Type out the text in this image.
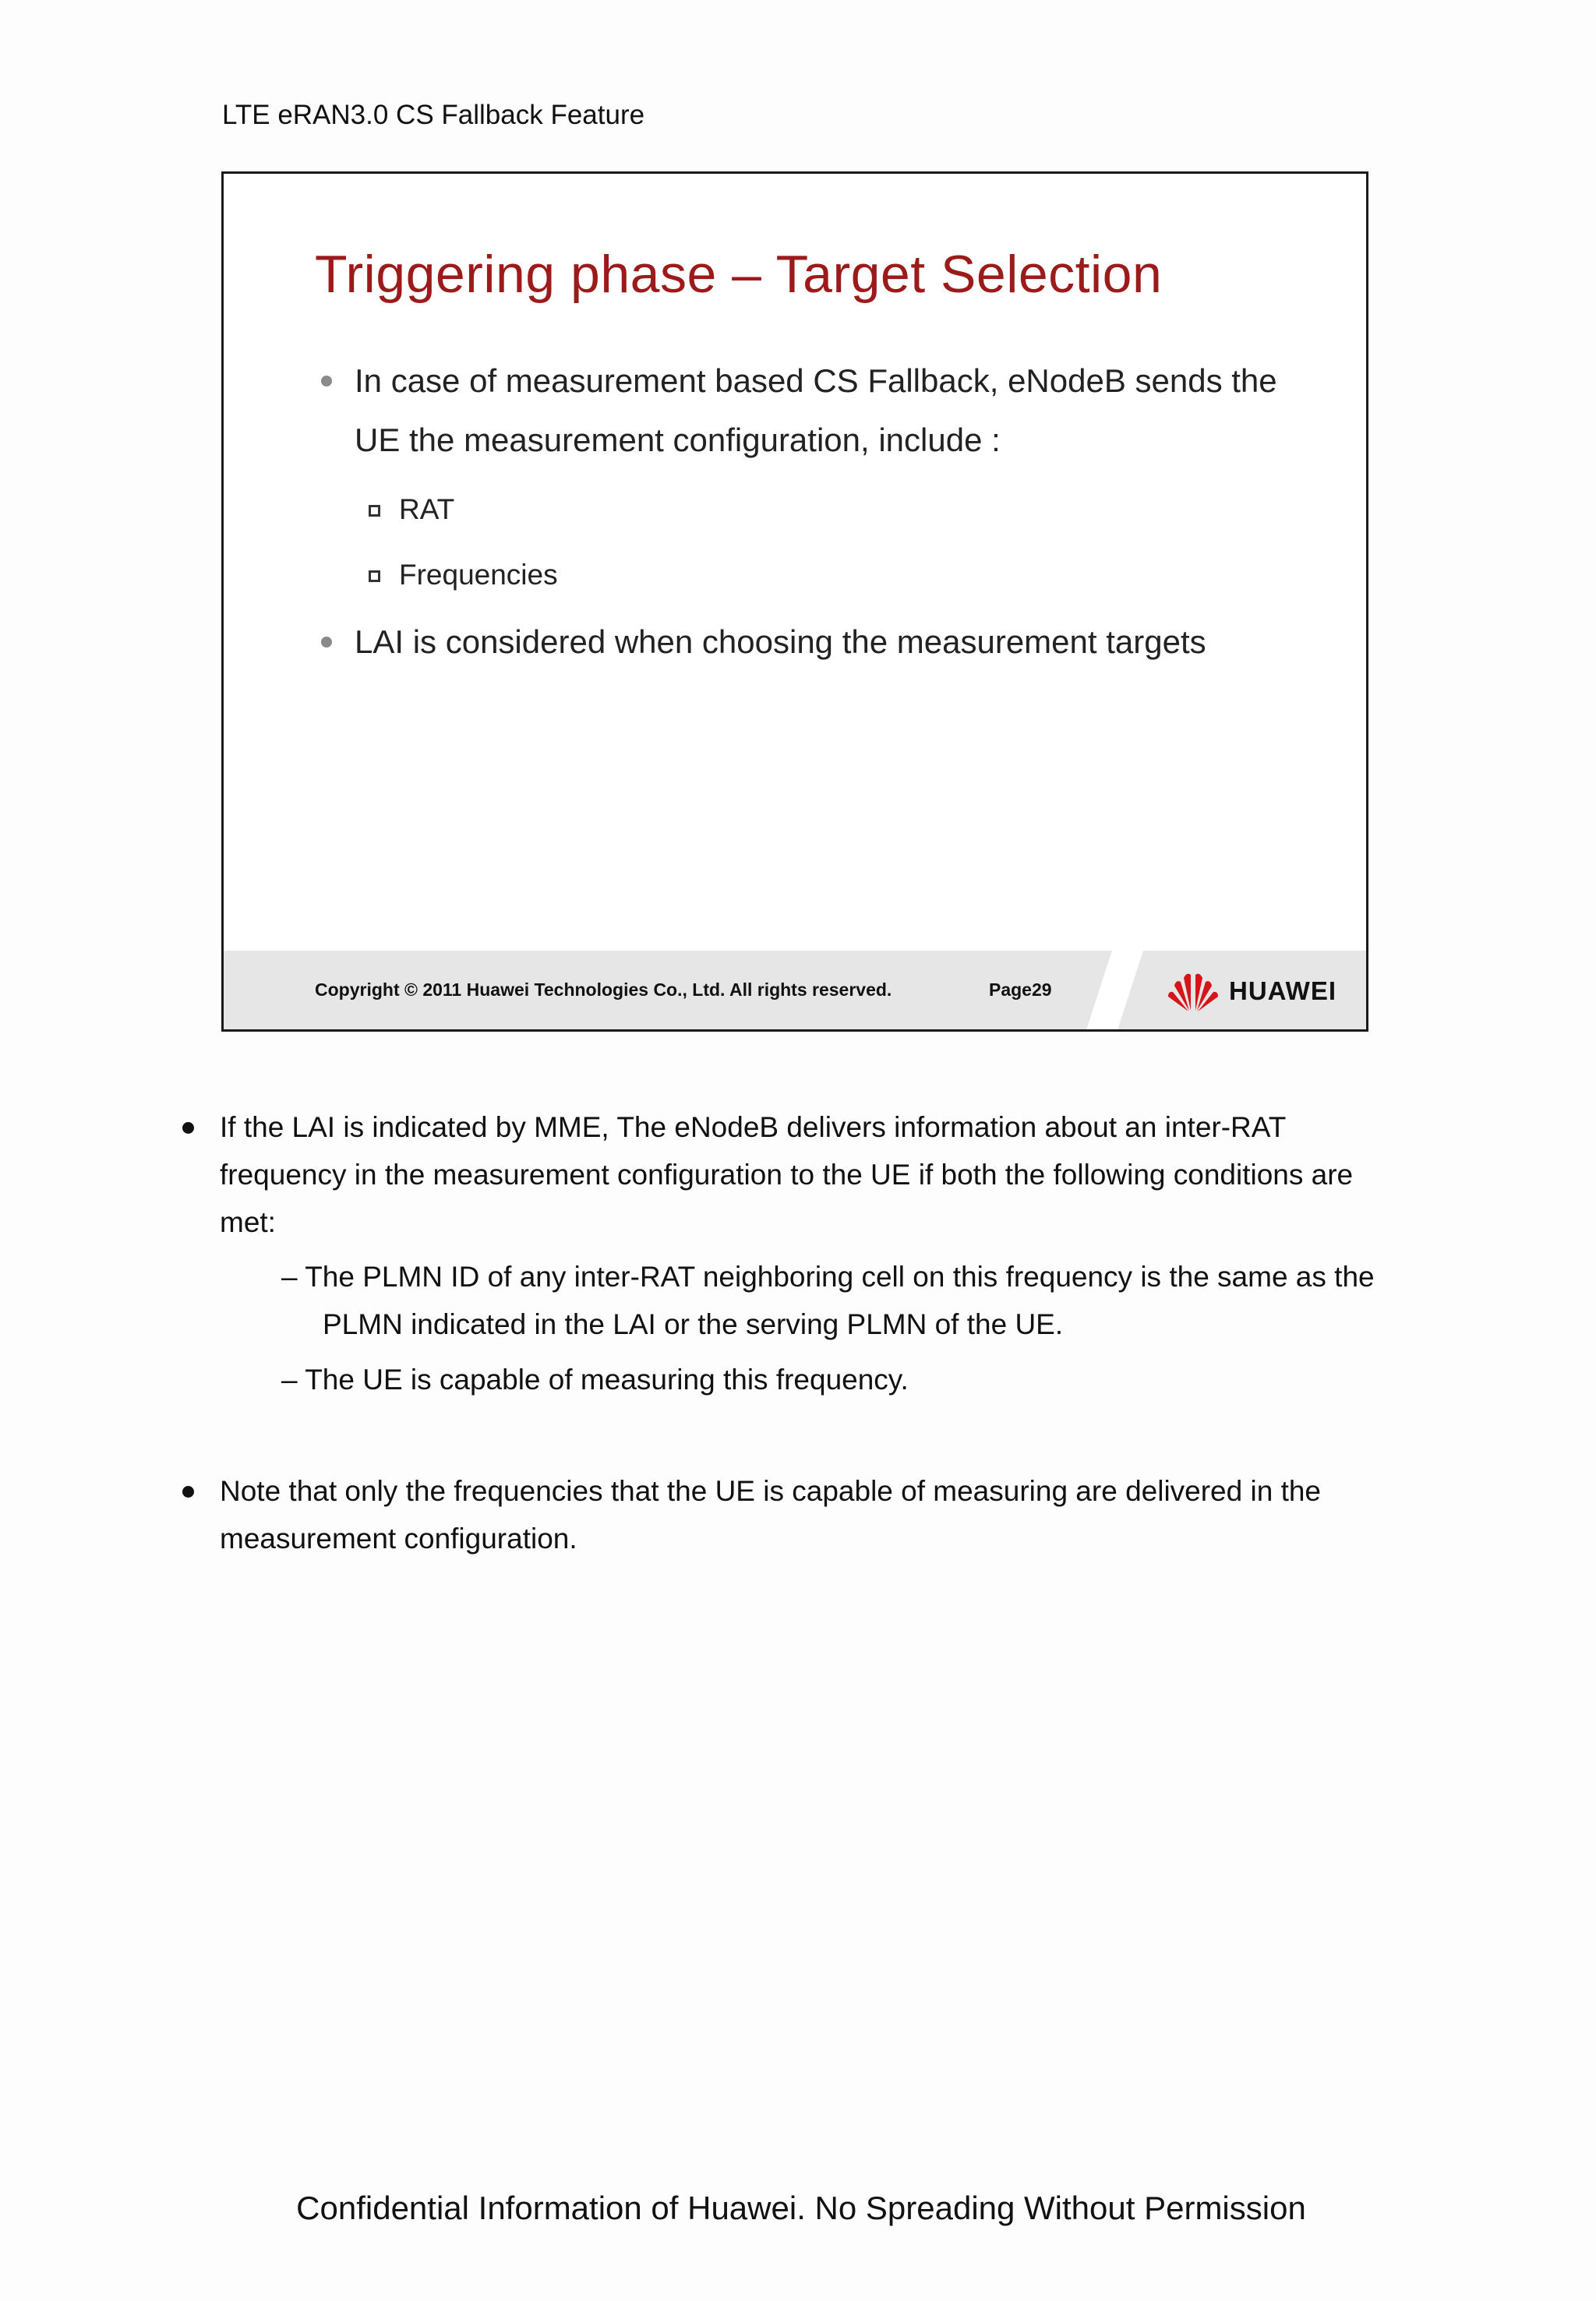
LTE eRAN3.0 CS Fallback Feature
Triggering phase – Target Selection
In case of measurement based CS Fallback, eNodeB sends the
UE the measurement configuration, include :
RAT
Frequencies
LAI is considered when choosing the measurement targets
Copyright © 2011 Huawei Technologies Co., Ltd. All rights reserved.	Page29	HUAWEI
If the LAI is indicated by MME, The eNodeB delivers information about an inter-RAT
frequency in the measurement configuration to the UE if both the following conditions are
met:
– The PLMN ID of any inter-RAT neighboring cell on this frequency is the same as the
PLMN indicated in the LAI or the serving PLMN of the UE.
– The UE is capable of measuring this frequency.
Note that only the frequencies that the UE is capable of measuring are delivered in the
measurement configuration.
Confidential Information of Huawei. No Spreading Without Permission
